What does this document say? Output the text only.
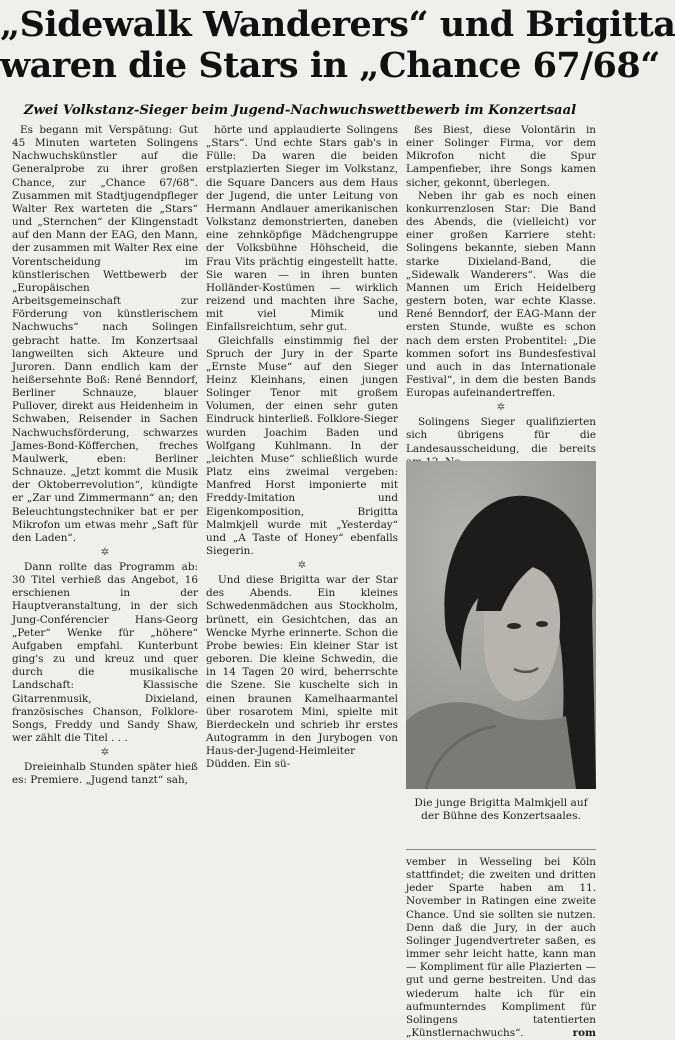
„Sidewalk Wanderers“ und Brigitta
waren die Stars in „Chance 67/68“
Zwei Volkstanz-Sieger beim Jugend-Nachwuchswettbewerb im Konzertsaal

Es begann mit Verspätung: Gut 45 Minuten warteten Solingens Nachwuchskünstler auf die Generalprobe zu ihrer großen Chance, zur „Chance 67/68“. Zusammen mit Stadtjugendpfleger Walter Rex warteten die „Stars“ und „Sternchen“ der Klingenstadt auf den Mann der EAG, den Mann, der zusammen mit Walter Rex eine Vorentscheidung im künstlerischen Wettbewerb der „Europäischen Arbeitsgemeinschaft zur Förderung von künstlerischem Nachwuchs“ nach Solingen gebracht hatte. Im Konzertsaal langweilten sich Akteure und Juroren. Dann endlich kam der heißersehnte Boß: René Benndorf, Berliner Schnauze, blauer Pullover, direkt aus Heidenheim in Schwaben, Reisender in Sachen Nachwuchsförderung, schwarzes James-Bond-Köfferchen, freches Maulwerk, eben: Berliner Schnauze. „Jetzt kommt die Musik der Oktoberrevolution“, kündigte er „Zar und Zimmermann“ an; den Beleuchtungstechniker bat er per Mikrofon um etwas mehr „Saft für den Laden“.

✲

Dann rollte das Programm ab: 30 Titel verhieß das Angebot, 16 erschienen in der Hauptveranstaltung, in der sich Jung-Conférencier Hans-Georg „Peter“ Wenke für „höhere“ Aufgaben empfahl. Kunterbunt ging's zu und kreuz und quer durch die musikalische Landschaft: Klassische Gitarrenmusik, Dixieland, französisches Chanson, Folklore-Songs, Freddy und Sandy Shaw, wer zählt die Titel . . .

✲

Dreieinhalb Stunden später hieß es: Premiere. „Jugend tanzt“ sah,

hörte und applaudierte Solingens „Stars“. Und echte Stars gab's in Fülle: Da waren die beiden erstplazierten Sieger im Volkstanz, die Square Dancers aus dem Haus der Jugend, die unter Leitung von Hermann Andlauer amerikanischen Volkstanz demonstrierten, daneben eine zehnköpfige Mädchengruppe der Volksbühne Höhscheid, die Frau Vits prächtig eingestellt hatte. Sie waren — in ihren bunten Holländer-Kostümen — wirklich reizend und machten ihre Sache, mit viel Mimik und Einfallsreichtum, sehr gut.

Gleichfalls einstimmig fiel der Spruch der Jury in der Sparte „Ernste Muse“ auf den Sieger Heinz Kleinhans, einen jungen Solinger Tenor mit großem Volumen, der einen sehr guten Eindruck hinterließ. Folklore-Sieger wurden Joachim Baden und Wolfgang Kuhlmann. In der „leichten Muse“ schließlich wurde Platz eins zweimal vergeben: Manfred Horst imponierte mit Freddy-Imitation und Eigenkomposition, Brigitta Malmkjell wurde mit „Yesterday“ und „A Taste of Honey“ ebenfalls Siegerin.

✲

Und diese Brigitta war der Star des Abends. Ein kleines Schwedenmädchen aus Stockholm, brünett, ein Gesichtchen, das an Wencke Myrhe erinnerte. Schon die Probe bewies: Ein kleiner Star ist geboren. Die kleine Schwedin, die in 14 Tagen 20 wird, beherrschte die Szene. Sie kuschelte sich in einen braunen Kamelhaarmantel über rosarotem Mini, spielte mit Bierdeckeln und schrieb ihr erstes Autogramm in den Jurybogen von Haus-der-Jugend-Heimleiter Düdden. Ein sü-

ßes Biest, diese Volontärin in einer Solinger Firma, vor dem Mikrofon nicht die Spur Lampenfieber, ihre Songs kamen sicher, gekonnt, überlegen.

Neben ihr gab es noch einen konkurrenzlosen Star: Die Band des Abends, die (vielleicht) vor einer großen Karriere steht: Solingens bekannte, sieben Mann starke Dixieland-Band, die „Sidewalk Wanderers“. Was die Mannen um Erich Heidelberg gestern boten, war echte Klasse. René Benndorf, der EAG-Mann der ersten Stunde, wußte es schon nach dem ersten Probentitel: „Die kommen sofort ins Bundesfestival und auch in das Internationale Festival“, in dem die besten Bands Europas aufeinandertreffen.

✲

Solingens Sieger qualifizierten sich übrigens für die Landesausscheidung, die bereits

Die junge Brigitta Malmkjell auf der Bühne des Konzertsaales.

vember in Wesseling bei Köln stattfindet; die zweiten und dritten jeder Sparte haben am 11. November in Ratingen eine zweite Chance. Und sie sollten sie nutzen. Denn daß die Jury, in der auch Solinger Jugendvertreter saßen, es immer sehr leicht hatte, kann man — Kompliment für alle Plazierten — gut und gerne bestreiten. Und das wiederum halte ich für ein aufmunterndes Kompliment für Solingens tatentierten „Künstlernachwuchs“.	rom
